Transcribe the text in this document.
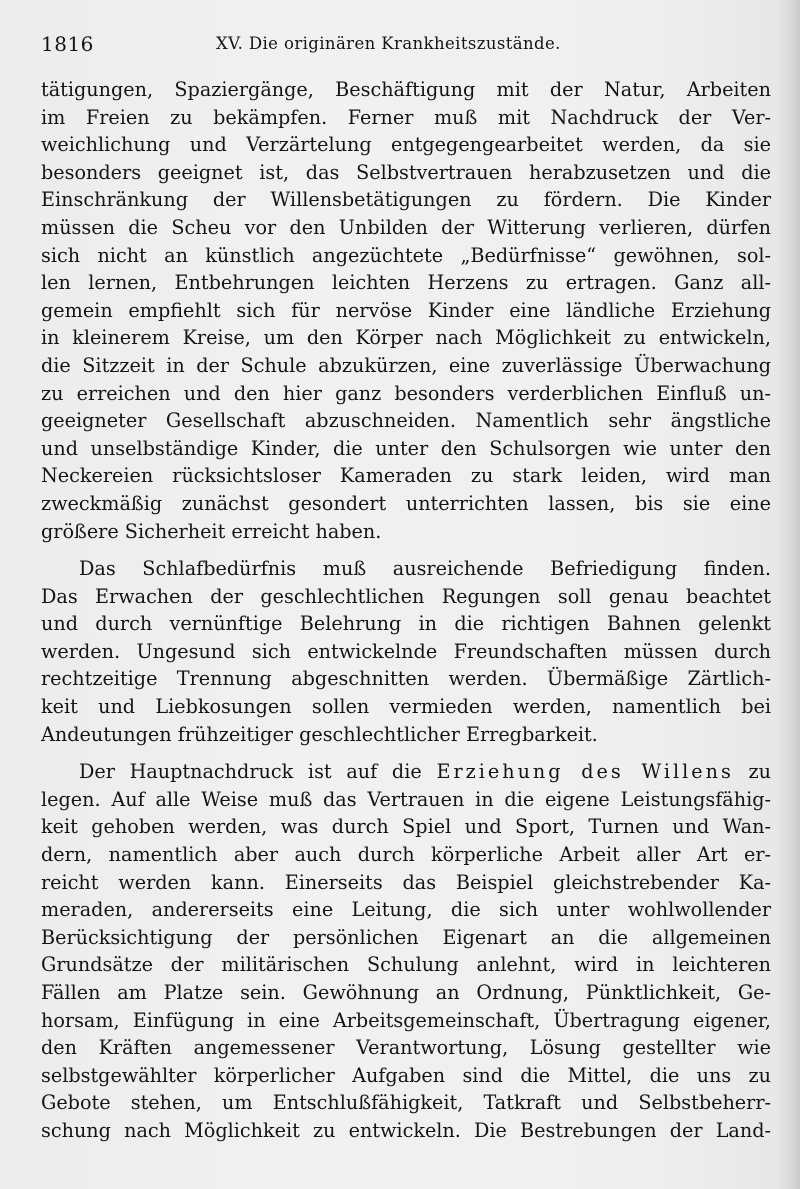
1816	XV. Die originären Krankheitszustände.
tätigungen, Spaziergänge, Beschäftigung mit der Natur, Arbeiten
im Freien zu bekämpfen. Ferner muß mit Nachdruck der Ver-
weichlichung und Verzärtelung entgegengearbeitet werden, da sie
besonders geeignet ist, das Selbstvertrauen herabzusetzen und die
Einschränkung der Willensbetätigungen zu fördern. Die Kinder
müssen die Scheu vor den Unbilden der Witterung verlieren, dürfen
sich nicht an künstlich angezüchtete „Bedürfnisse“ gewöhnen, sol-
len lernen, Entbehrungen leichten Herzens zu ertragen. Ganz all-
gemein empfiehlt sich für nervöse Kinder eine ländliche Erziehung
in kleinerem Kreise, um den Körper nach Möglichkeit zu entwickeln,
die Sitzzeit in der Schule abzukürzen, eine zuverlässige Überwachung
zu erreichen und den hier ganz besonders verderblichen Einfluß un-
geeigneter Gesellschaft abzuschneiden. Namentlich sehr ängstliche
und unselbständige Kinder, die unter den Schulsorgen wie unter den
Neckereien rücksichtsloser Kameraden zu stark leiden, wird man
zweckmäßig zunächst gesondert unterrichten lassen, bis sie eine
größere Sicherheit erreicht haben.
Das Schlafbedürfnis muß ausreichende Befriedigung finden.
Das Erwachen der geschlechtlichen Regungen soll genau beachtet
und durch vernünftige Belehrung in die richtigen Bahnen gelenkt
werden. Ungesund sich entwickelnde Freundschaften müssen durch
rechtzeitige Trennung abgeschnitten werden. Übermäßige Zärtlich-
keit und Liebkosungen sollen vermieden werden, namentlich bei
Andeutungen frühzeitiger geschlechtlicher Erregbarkeit.
Der Hauptnachdruck ist auf die Erziehung des Willens zu
legen. Auf alle Weise muß das Vertrauen in die eigene Leistungsfähig-
keit gehoben werden, was durch Spiel und Sport, Turnen und Wan-
dern, namentlich aber auch durch körperliche Arbeit aller Art er-
reicht werden kann. Einerseits das Beispiel gleichstrebender Ka-
meraden, andererseits eine Leitung, die sich unter wohlwollender
Berücksichtigung der persönlichen Eigenart an die allgemeinen
Grundsätze der militärischen Schulung anlehnt, wird in leichteren
Fällen am Platze sein. Gewöhnung an Ordnung, Pünktlichkeit, Ge-
horsam, Einfügung in eine Arbeitsgemeinschaft, Übertragung eigener,
den Kräften angemessener Verantwortung, Lösung gestellter wie
selbstgewählter körperlicher Aufgaben sind die Mittel, die uns zu
Gebote stehen, um Entschlußfähigkeit, Tatkraft und Selbstbeherr-
schung nach Möglichkeit zu entwickeln. Die Bestrebungen der Land-
